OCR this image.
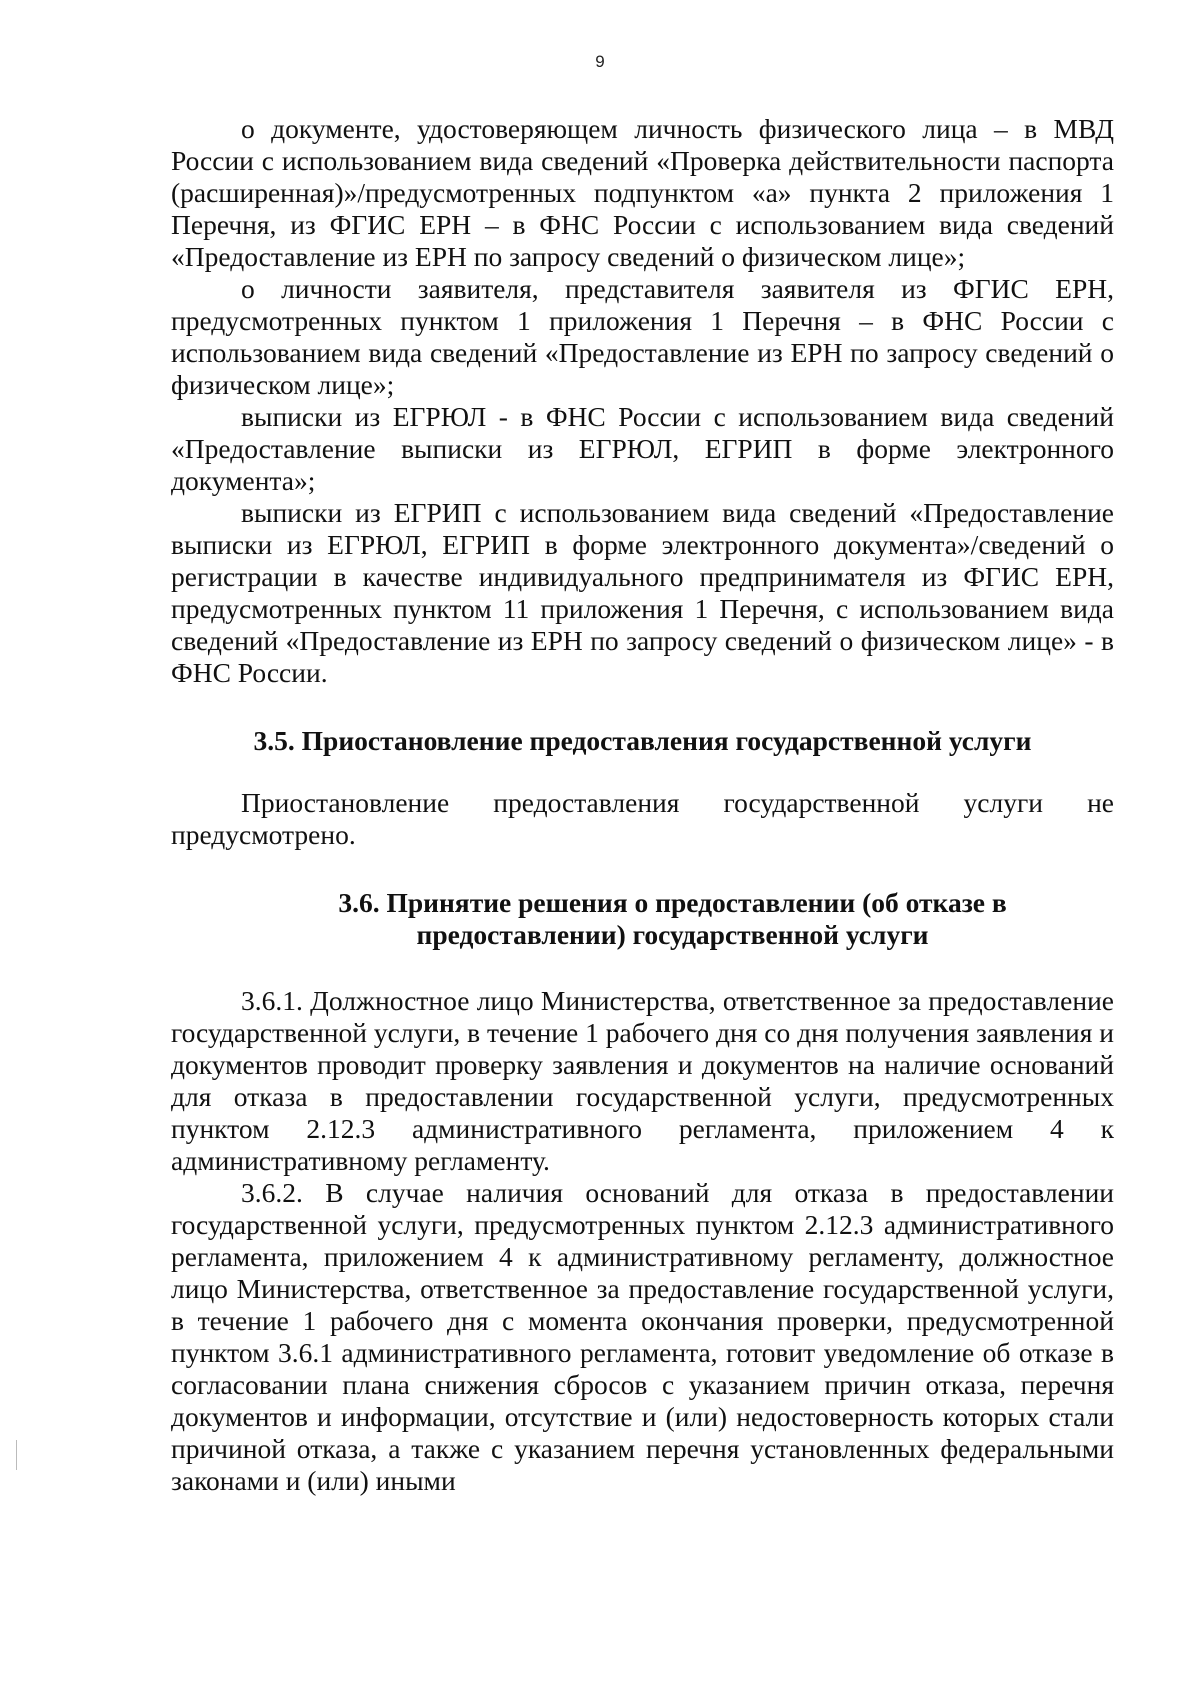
9

о документе, удостоверяющем личность физического лица – в МВД России с использованием вида сведений «Проверка действительности паспорта (расширенная)»/предусмотренных подпунктом «а» пункта 2 приложения 1 Перечня, из ФГИС ЕРН – в ФНС России с использованием вида сведений «Предоставление из ЕРН по запросу сведений о физическом лице»;

о личности заявителя, представителя заявителя из ФГИС ЕРН, предусмотренных пунктом 1 приложения 1 Перечня – в ФНС России с использованием вида сведений «Предоставление из ЕРН по запросу сведений о физическом лице»;

выписки из ЕГРЮЛ - в ФНС России с использованием вида сведений «Предоставление выписки из ЕГРЮЛ, ЕГРИП в форме электронного документа»;

выписки из ЕГРИП с использованием вида сведений «Предоставление выписки из ЕГРЮЛ, ЕГРИП в форме электронного документа»/сведений о регистрации в качестве индивидуального предпринимателя из ФГИС ЕРН, предусмотренных пунктом 11 приложения 1 Перечня, с использованием вида сведений «Предоставление из ЕРН по запросу сведений о физическом лице» - в ФНС России.

3.5. Приостановление предоставления государственной услуги

Приостановление предоставления государственной услуги не предусмотрено.

3.6. Принятие решения о предоставлении (об отказе в
предоставлении) государственной услуги

3.6.1. Должностное лицо Министерства, ответственное за предоставление государственной услуги, в течение 1 рабочего дня со дня получения заявления и документов проводит проверку заявления и документов на наличие оснований для отказа в предоставлении государственной услуги, предусмотренных пунктом 2.12.3 административного регламента, приложением 4 к административному регламенту.

3.6.2. В случае наличия оснований для отказа в предоставлении государственной услуги, предусмотренных пунктом 2.12.3 административного регламента, приложением 4 к административному регламенту, должностное лицо Министерства, ответственное за предоставление государственной услуги, в течение 1 рабочего дня с момента окончания проверки, предусмотренной пунктом 3.6.1 административного регламента, готовит уведомление об отказе в согласовании плана снижения сбросов с указанием причин отказа, перечня документов и информации, отсутствие и (или) недостоверность которых стали причиной отказа, а также с указанием перечня установленных федеральными законами и (или) иными
